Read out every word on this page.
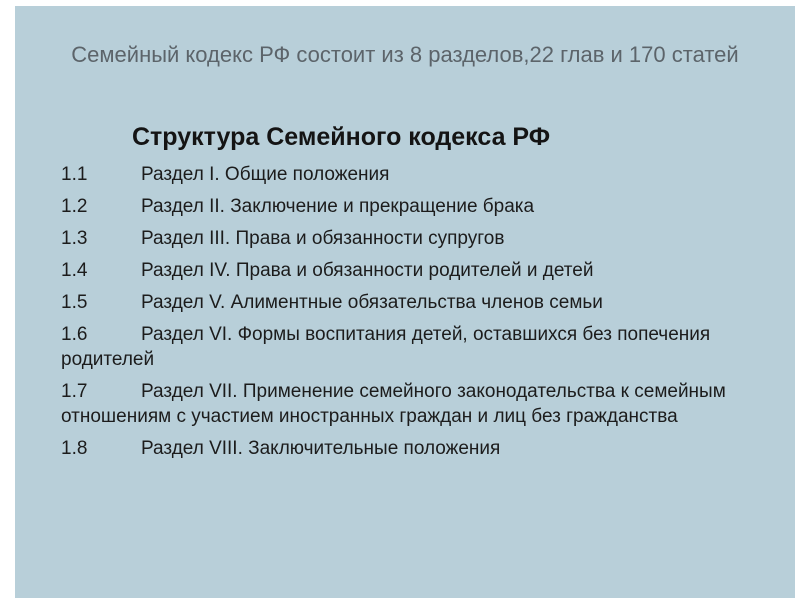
Семейный кодекс РФ состоит из 8 разделов,22 глав и 170 статей
Структура Семейного кодекса РФ
1.1	Раздел I. Общие положения
1.2	Раздел II. Заключение и прекращение брака
1.3	Раздел III. Права и обязанности супругов
1.4	Раздел IV. Права и обязанности родителей и детей
1.5	Раздел V. Алиментные обязательства членов семьи
1.6	Раздел VI. Формы воспитания детей, оставшихся без попечения родителей
1.7	Раздел VII. Применение семейного законодательства к семейным отношениям с участием иностранных граждан и лиц без гражданства
1.8	Раздел VIII. Заключительные положения
